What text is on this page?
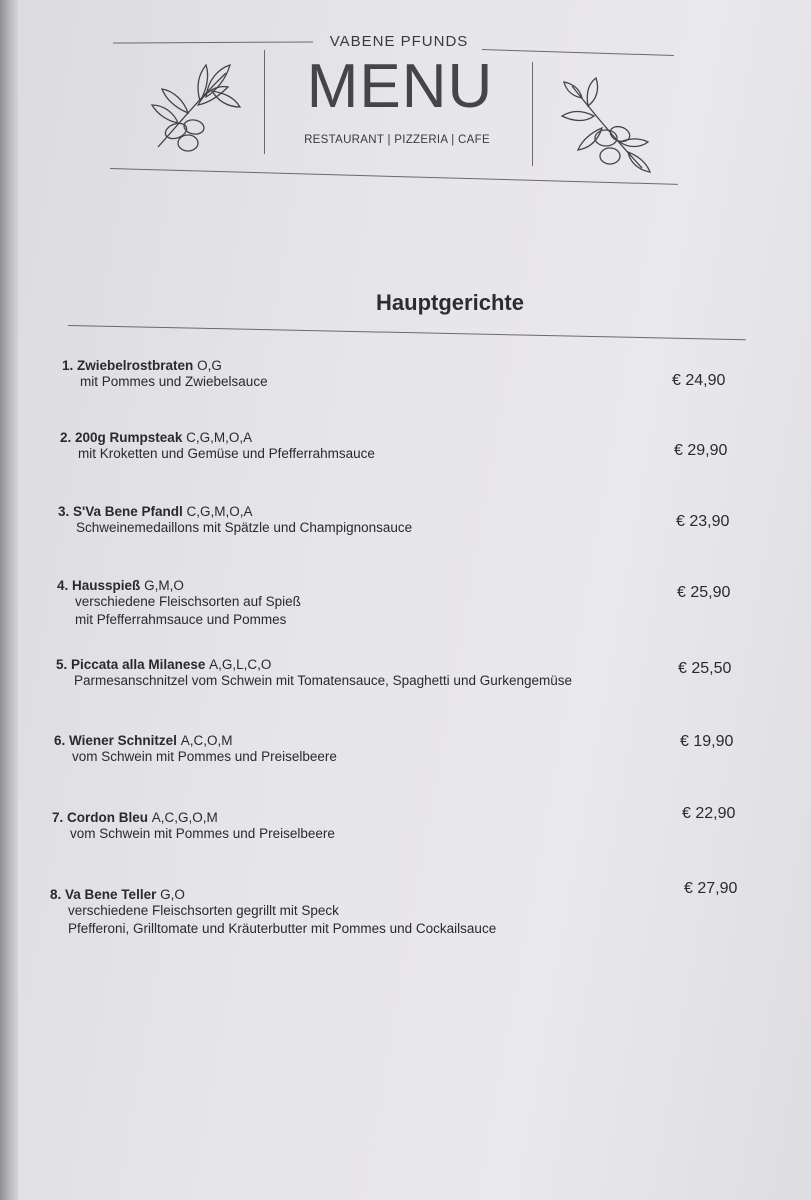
VABENE PFUNDS
MENU
RESTAURANT | PIZZERIA | CAFE
Hauptgerichte
1. Zwiebelrostbraten O,G
mit Pommes und Zwiebelsauce	€ 24,90
2. 200g Rumpsteak C,G,M,O,A
mit Kroketten und Gemüse und Pfefferrahmsauce	€ 29,90
3. S'Va Bene Pfandl C,G,M,O,A
Schweinemedaillons mit Spätzle und Champignonsauce	€ 23,90
4. Hausspieß G,M,O
verschiedene Fleischsorten auf Spieß
mit Pfefferrahmsauce und Pommes
€ 25,90
5. Piccata alla Milanese A,G,L,C,O
Parmesanschnitzel vom Schwein mit Tomatensauce, Spaghetti und Gurkengemüse
€ 25,50
6. Wiener Schnitzel A,C,O,M
vom Schwein mit Pommes und Preiselbeere
€ 19,90
7. Cordon Bleu A,C,G,O,M
vom Schwein mit Pommes und Preiselbeere
€ 22,90
8. Va Bene Teller G,O
verschiedene Fleischsorten gegrillt mit Speck
Pfefferoni, Grilltomate und Kräuterbutter mit Pommes und Cockailsauce
€ 27,90
